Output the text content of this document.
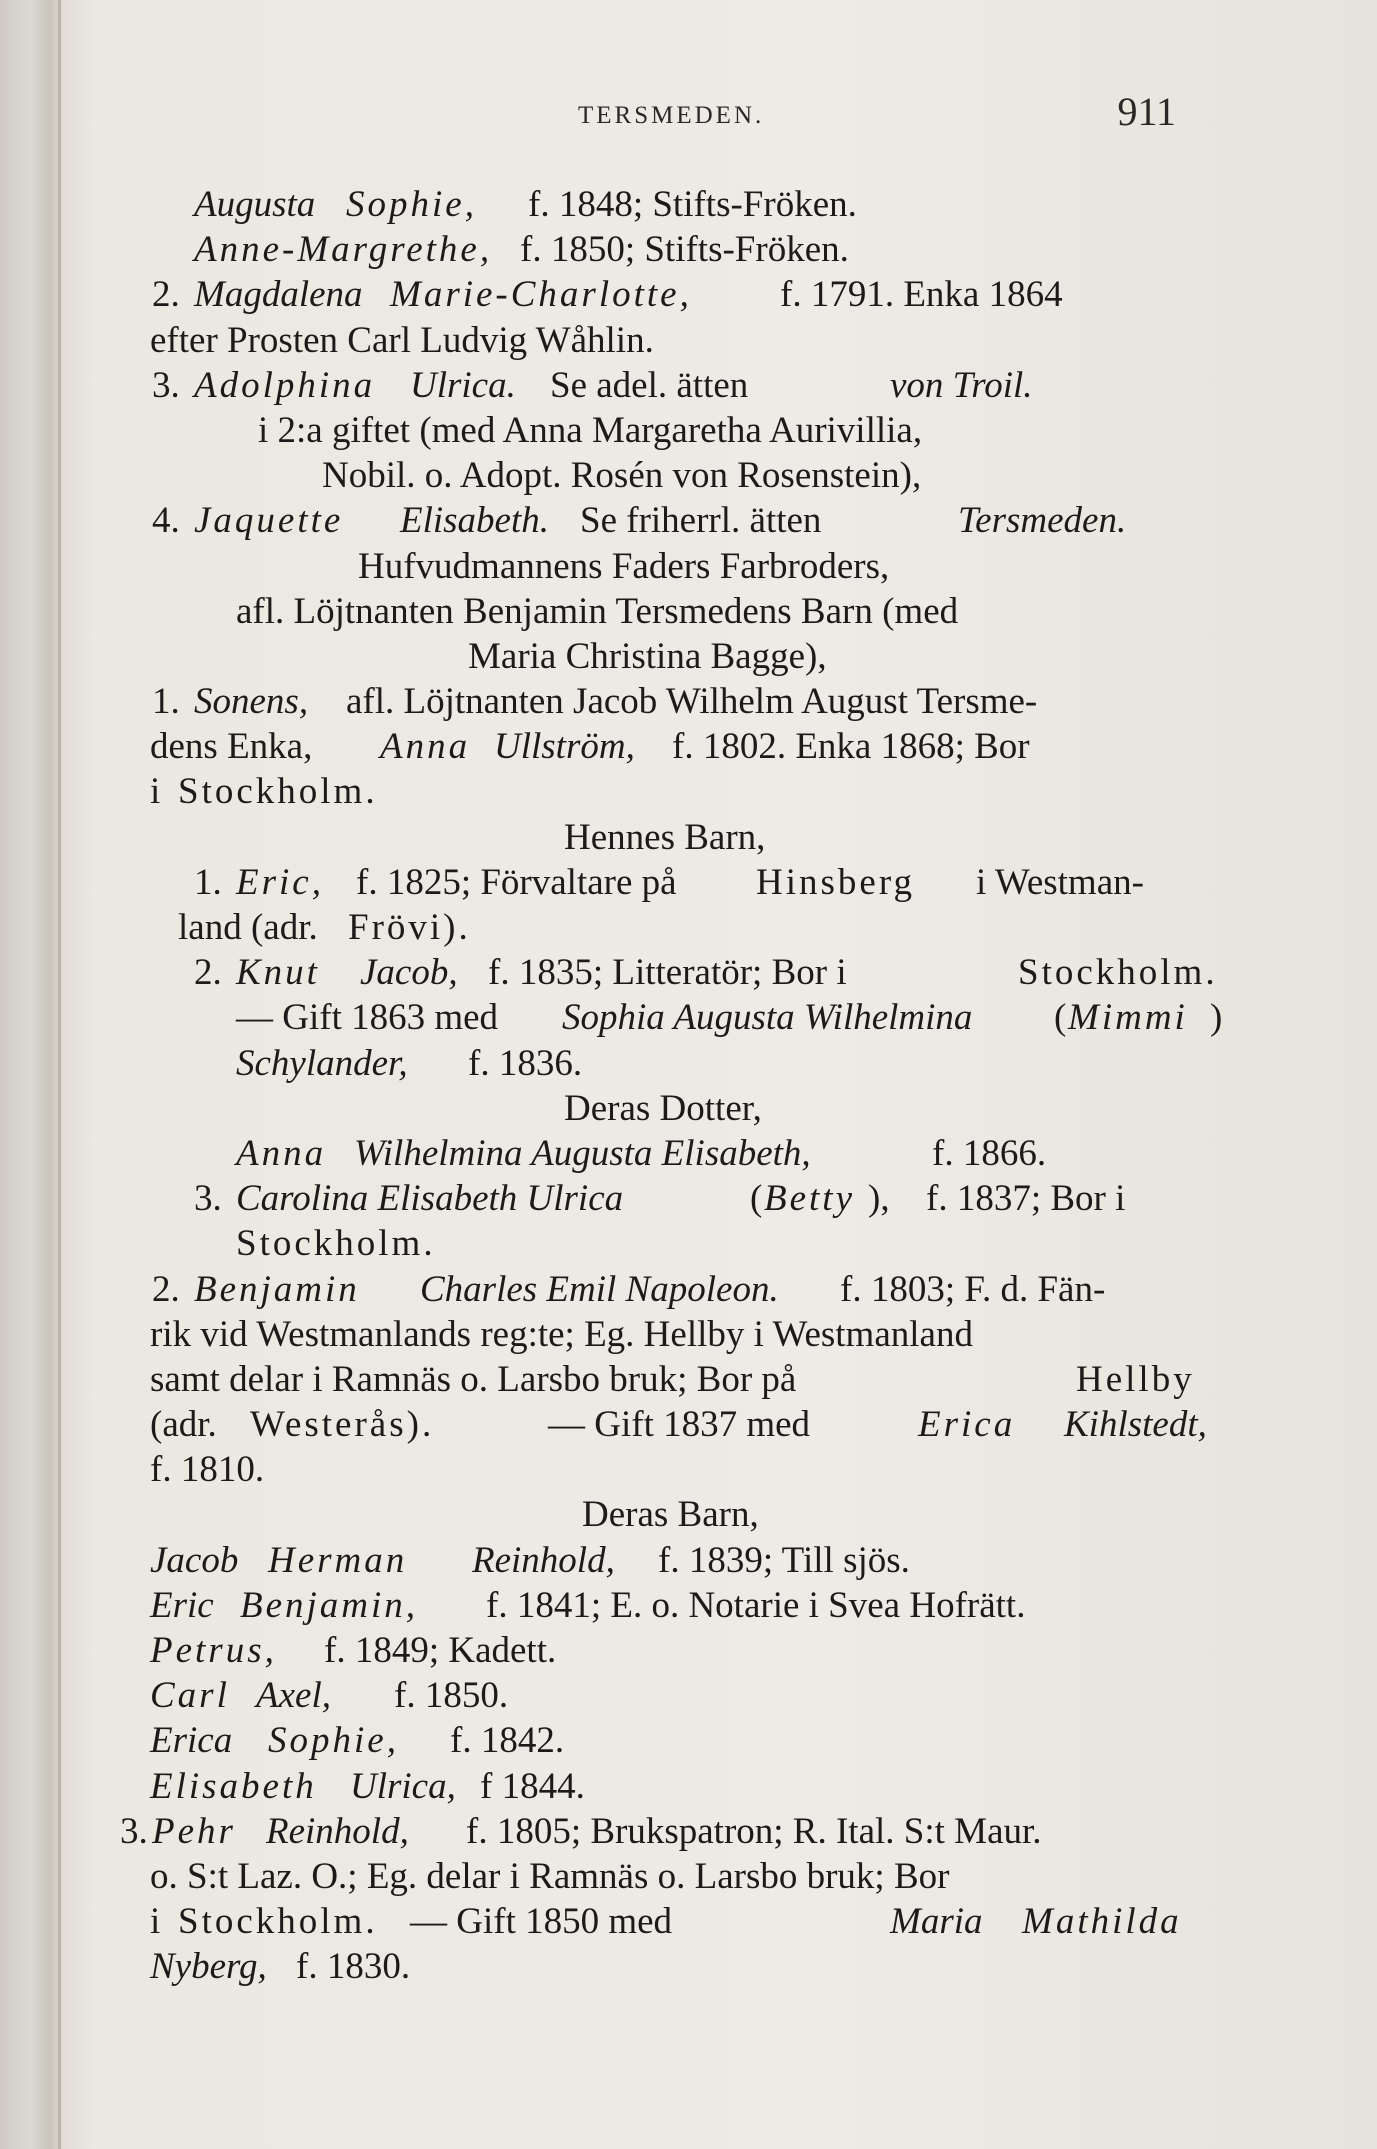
TERSMEDEN.	911
Augusta Sophie, f. 1848; Stifts-Fröken.
Anne-Margrethe, f. 1850; Stifts-Fröken.
2. Magdalena Marie-Charlotte, f. 1791. Enka 1864
efter Prosten Carl Ludvig Wåhlin.
3. Adolphina Ulrica. Se adel. ätten	von Troil.
i 2:a giftet (med Anna Margaretha Aurivillia,
Nobil. o. Adopt. Rosén von Rosenstein),
4. Jaquette Elisabeth. Se friherrl. ätten	Tersmeden.
Hufvudmannens Faders Farbroders,
afl. Löjtnanten Benjamin Tersmedens Barn (med
Maria Christina Bagge),
1. Sonens, afl. Löjtnanten Jacob Wilhelm August Tersme-
dens Enka, Anna Ullström, f. 1802. Enka 1868; Bor
i Stockholm.
Hennes Barn,
1. Eric, f. 1825; Förvaltare på Hinsberg i Westman-
land (adr. Frövi).
2. Knut Jacob, f. 1835; Litteratör; Bor i	Stockholm.
— Gift 1863 med Sophia Augusta Wilhelmina ( Mimmi )
Schylander, f. 1836.
Deras Dotter,
Anna Wilhelmina Augusta Elisabeth,	f. 1866.
3. Carolina Elisabeth Ulrica	( Betty ), f. 1837; Bor i
Stockholm.
2. Benjamin Charles Emil Napoleon. f. 1803; F. d. Fän-
rik vid Westmanlands reg:te; Eg. Hellby i Westmanland
samt delar i Ramnäs o. Larsbo bruk; Bor på	Hellby
(adr. Westerås).	— Gift 1837 med	Erica Kihlstedt,
f. 1810.
Deras Barn,
Jacob Herman Reinhold, f. 1839; Till sjös.
Eric Benjamin, f. 1841; E. o. Notarie i Svea Hofrätt.
Petrus, f. 1849; Kadett.
Carl Axel, f. 1850.
Erica Sophie, f. 1842.
Elisabeth Ulrica, f 1844.
3. Pehr Reinhold, f. 1805; Brukspatron; R. Ital. S:t Maur.
o. S:t Laz. O.; Eg. delar i Ramnäs o. Larsbo bruk; Bor
i Stockholm. — Gift 1850 med	Maria Mathilda
Nyberg, f. 1830.
